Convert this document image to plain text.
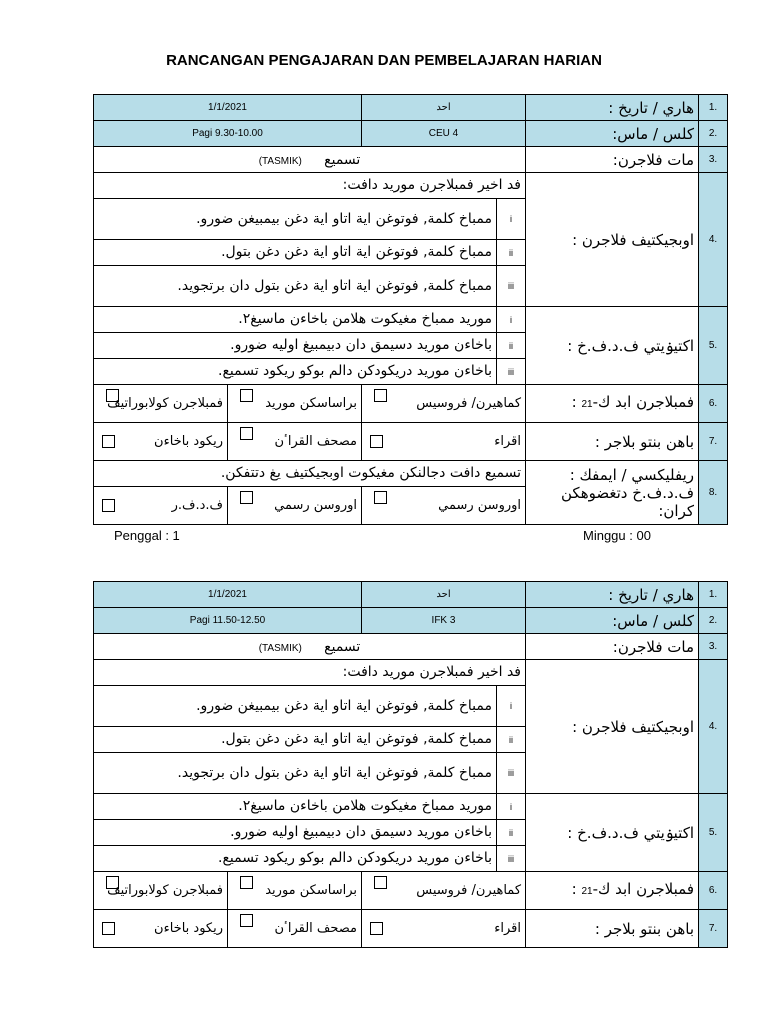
RANCANGAN PENGAJARAN DAN PEMBELAJARAN HARIAN
1/1/2021		احد		هاري / تاريخ :	1.
Pagi 9.30-10.00		CEU 4		كلس / ماس:	2.
تسميع     (TASMIK)				مات فلاجرن:	3.
فد اخير فمبلاجرن موريد دافت:				اوبجيكتيف فلاجرن :	4.
ممباخ كلمة, فوتوغن اية اتاو اية دغن بيمبيغن ضورو.			i		
ممباخ كلمة, فوتوغن اية اتاو اية دغن دغن بتول.			ii		
ممباخ كلمة, فوتوغن اية اتاو اية دغن بتول دان برتجويد.			iii		
موريد ممباخ مغيكوت هلامن باخاءن ماسيغ٢.			i	اكتيۏيتي ف.د.ف.خ :	5.
باخاءن موريد دسيمق دان دبيمبيغ اوليه ضورو.			ii		
باخاءن موريد دريكودكن دالم بوكو ريكود تسميع.			iii		

فمبلاجرن كولابوراتيف	براساسكن موريد	كماهيرن/ فروسيس		فمبلاجرن ابد ك-21 :	6.

ريكود باخاءن	مصحف القراٴن	اقراء		باهن بنتو بلاجر :	7.
تسميع دافت دجالنكن مغيكوت اوبجيكتيف يغ دتتفكن.				ريفليكسي / ايمفك : ف.د.ف.خ دتغضوهكن كران:	8.

ف.د.ف.ر	اوروسن رسمي	اوروسن رسمي			
Penggal : 1	Minggu : 00
1/1/2021		احد		هاري / تاريخ :	1.
Pagi 11.50-12.50		IFK 3		كلس / ماس:	2.
تسميع     (TASMIK)				مات فلاجرن:	3.
فد اخير فمبلاجرن موريد دافت:				اوبجيكتيف فلاجرن :	4.
ممباخ كلمة, فوتوغن اية اتاو اية دغن بيمبيغن ضورو.			i		
ممباخ كلمة, فوتوغن اية اتاو اية دغن دغن بتول.			ii		
ممباخ كلمة, فوتوغن اية اتاو اية دغن بتول دان برتجويد.			iii		
موريد ممباخ مغيكوت هلامن باخاءن ماسيغ٢.			i	اكتيۏيتي ف.د.ف.خ :	5.
باخاءن موريد دسيمق دان دبيمبيغ اوليه ضورو.			ii		
باخاءن موريد دريكودكن دالم بوكو ريكود تسميع.			iii		

فمبلاجرن كولابوراتيف	براساسكن موريد	كماهيرن/ فروسيس		فمبلاجرن ابد ك-21 :	6.

ريكود باخاءن	مصحف القراٴن	اقراء		باهن بنتو بلاجر :	7.
